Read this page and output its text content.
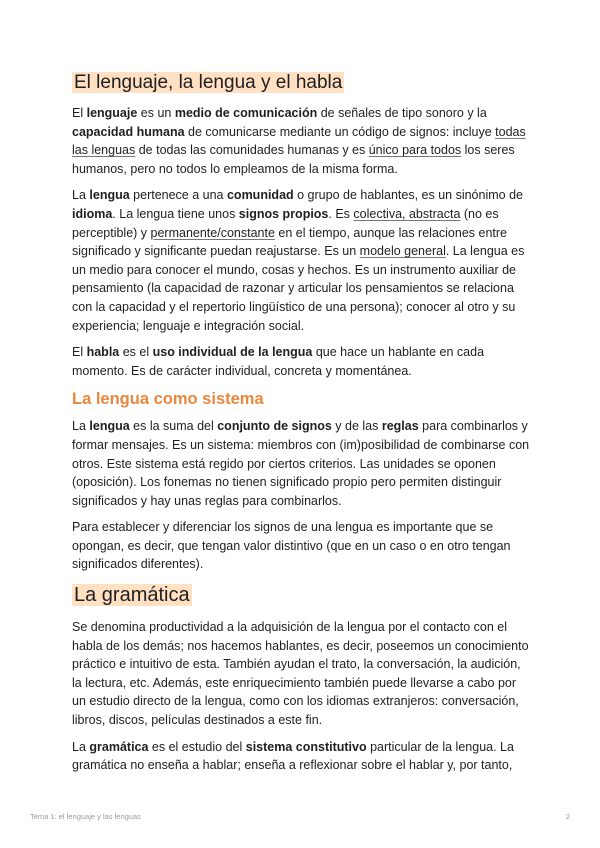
El lenguaje, la lengua y el habla

El lenguaje es un medio de comunicación de señales de tipo sonoro y la capacidad humana de comunicarse mediante un código de signos: incluye todas las lenguas de todas las comunidades humanas y es único para todos los seres humanos, pero no todos lo empleamos de la misma forma.

La lengua pertenece a una comunidad o grupo de hablantes, es un sinónimo de idioma. La lengua tiene unos signos propios. Es colectiva, abstracta (no es perceptible) y permanente/constante en el tiempo, aunque las relaciones entre significado y significante puedan reajustarse. Es un modelo general. La lengua es un medio para conocer el mundo, cosas y hechos. Es un instrumento auxiliar de pensamiento (la capacidad de razonar y articular los pensamientos se relaciona con la capacidad y el repertorio lingüístico de una persona); conocer al otro y su experiencia; lenguaje e integración social.

El habla es el uso individual de la lengua que hace un hablante en cada momento. Es de carácter individual, concreta y momentánea.

La lengua como sistema

La lengua es la suma del conjunto de signos y de las reglas para combinarlos y formar mensajes. Es un sistema: miembros con (im)posibilidad de combinarse con otros. Este sistema está regido por ciertos criterios. Las unidades se oponen (oposición). Los fonemas no tienen significado propio pero permiten distinguir significados y hay unas reglas para combinarlos.

Para establecer y diferenciar los signos de una lengua es importante que se opongan, es decir, que tengan valor distintivo (que en un caso o en otro tengan significados diferentes).

La gramática

Se denomina productividad a la adquisición de la lengua por el contacto con el habla de los demás; nos hacemos hablantes, es decir, poseemos un conocimiento práctico e intuitivo de esta. También ayudan el trato, la conversación, la audición, la lectura, etc. Además, este enriquecimiento también puede llevarse a cabo por un estudio directo de la lengua, como con los idiomas extranjeros: conversación, libros, discos, películas destinados a este fin.

La gramática es el estudio del sistema constitutivo particular de la lengua. La gramática no enseña a hablar; enseña a reflexionar sobre el hablar y, por tanto,

Tema 1: el lenguaje y las lenguas	2
